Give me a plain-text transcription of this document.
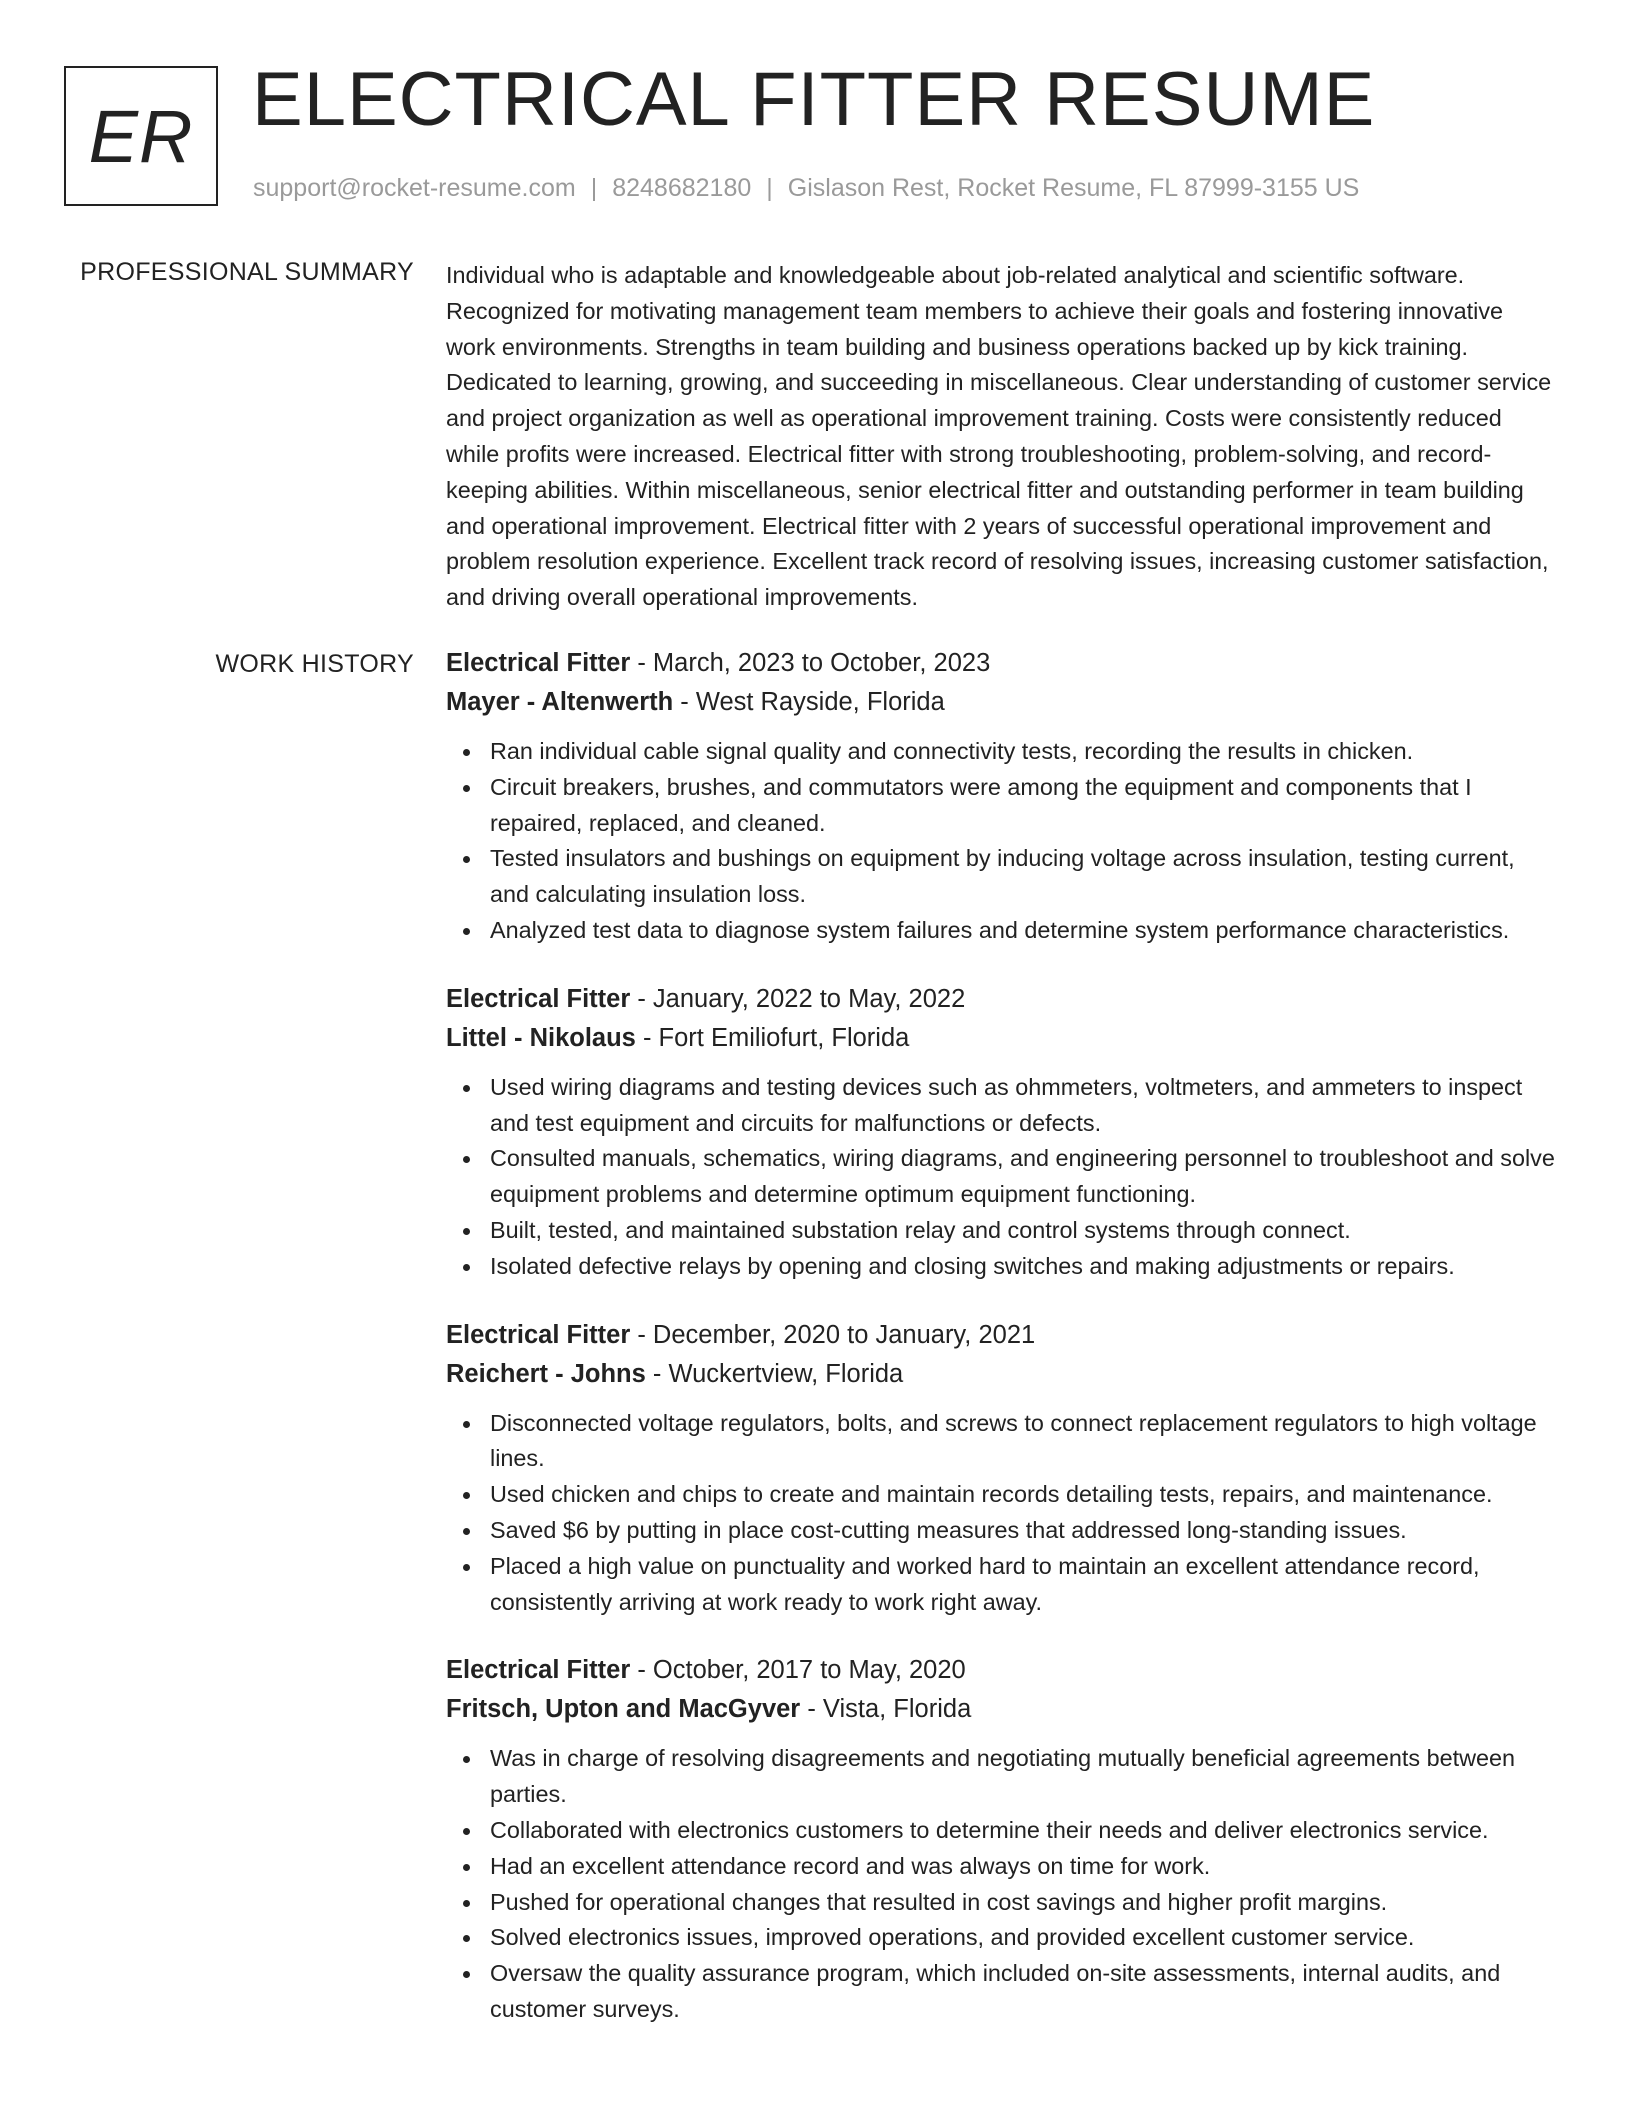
ER ELECTRICAL FITTER RESUME
support@rocket-resume.com | 8248682180 | Gislason Rest, Rocket Resume, FL 87999-3155 US
PROFESSIONAL SUMMARY Individual who is adaptable and knowledgeable about job-related analytical and scientific software. Recognized for motivating management team members to achieve their goals and fostering innovative work environments. Strengths in team building and business operations backed up by kick training. Dedicated to learning, growing, and succeeding in miscellaneous. Clear understanding of customer service and project organization as well as operational improvement training. Costs were consistently reduced while profits were increased. Electrical fitter with strong troubleshooting, problem-solving, and record-keeping abilities. Within miscellaneous, senior electrical fitter and outstanding performer in team building and operational improvement. Electrical fitter with 2 years of successful operational improvement and problem resolution experience. Excellent track record of resolving issues, increasing customer satisfaction, and driving overall operational improvements.

WORK HISTORY Electrical Fitter - March, 2023 to October, 2023
Mayer - Altenwerth - West Rayside, Florida
Ran individual cable signal quality and connectivity tests, recording the results in chicken.
Circuit breakers, brushes, and commutators were among the equipment and components that I repaired, replaced, and cleaned.
Tested insulators and bushings on equipment by inducing voltage across insulation, testing current, and calculating insulation loss.
Analyzed test data to diagnose system failures and determine system performance characteristics.
Electrical Fitter - January, 2022 to May, 2022
Littel - Nikolaus - Fort Emiliofurt, Florida
Used wiring diagrams and testing devices such as ohmmeters, voltmeters, and ammeters to inspect and test equipment and circuits for malfunctions or defects.
Consulted manuals, schematics, wiring diagrams, and engineering personnel to troubleshoot and solve equipment problems and determine optimum equipment functioning.
Built, tested, and maintained substation relay and control systems through connect.
Isolated defective relays by opening and closing switches and making adjustments or repairs.
Electrical Fitter - December, 2020 to January, 2021
Reichert - Johns - Wuckertview, Florida
Disconnected voltage regulators, bolts, and screws to connect replacement regulators to high voltage lines.
Used chicken and chips to create and maintain records detailing tests, repairs, and maintenance.
Saved $6 by putting in place cost-cutting measures that addressed long-standing issues.
Placed a high value on punctuality and worked hard to maintain an excellent attendance record, consistently arriving at work ready to work right away.
Electrical Fitter - October, 2017 to May, 2020
Fritsch, Upton and MacGyver - Vista, Florida
Was in charge of resolving disagreements and negotiating mutually beneficial agreements between parties.
Collaborated with electronics customers to determine their needs and deliver electronics service.
Had an excellent attendance record and was always on time for work.
Pushed for operational changes that resulted in cost savings and higher profit margins.
Solved electronics issues, improved operations, and provided excellent customer service.
Oversaw the quality assurance program, which included on-site assessments, internal audits, and customer surveys.
